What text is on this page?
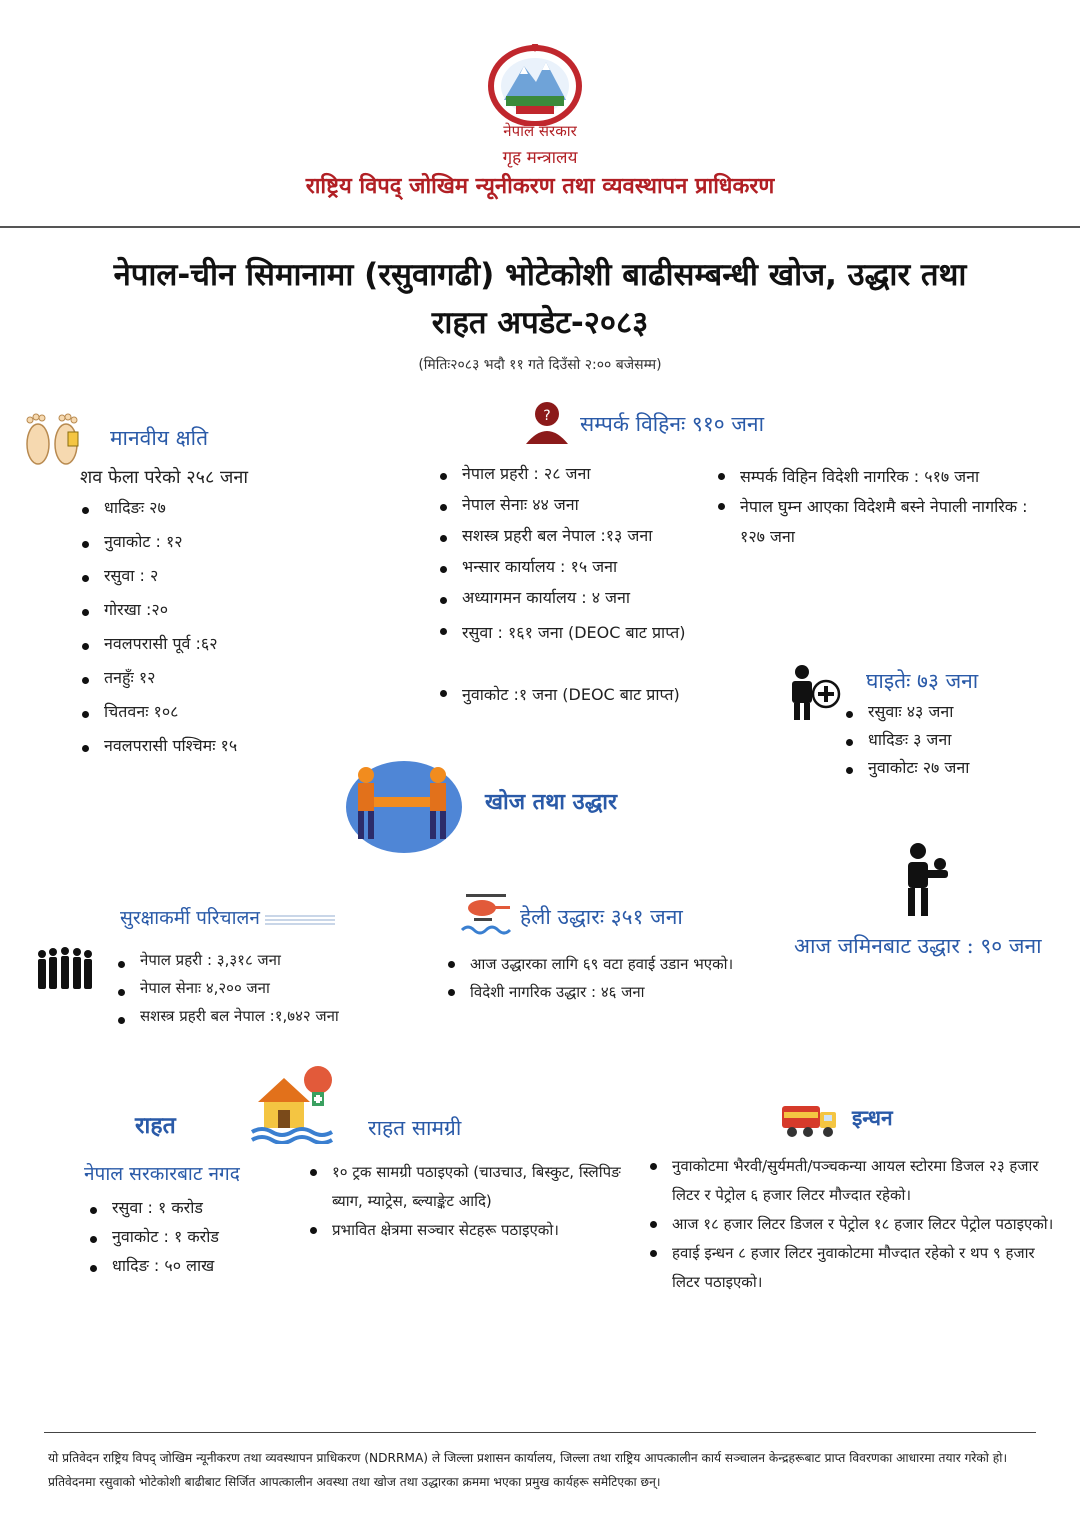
नेपाल सरकार
गृह मन्त्रालय
राष्ट्रिय विपद् जोखिम न्यूनीकरण तथा व्यवस्थापन प्राधिकरण
नेपाल-चीन सिमानामा (रसुवागढी) भोटेकोशी बाढीसम्बन्धी खोज, उद्धार तथा
राहत अपडेट-२०८३
(मितिः२०८३ भदौ ११ गते दिउँसो २:०० बजेसम्म)
मानवीय क्षति
शव फेला परेको २५८ जना
धादिङः २७
नुवाकोट : १२
रसुवा : २
गोरखा :२०
नवलपरासी पूर्व :६२
तनहुँः १२
चितवनः १०८
नवलपरासी पश्चिमः १५
? सम्पर्क विहिनः ९१० जना
नेपाल प्रहरी : २८ जना
नेपाल सेनाः ४४ जना
सशस्त्र प्रहरी बल नेपाल :१३ जना
भन्सार कार्यालय : १५ जना
अध्यागमन कार्यालय : ४ जना
रसुवा : १६१ जना (DEOC बाट प्राप्त)
नुवाकोट :१ जना (DEOC बाट प्राप्त)
सम्पर्क विहिन विदेशी नागरिक : ५१७ जना
नेपाल घुम्न आएका विदेशमै बस्ने नेपाली नागरिक : १२७ जना
घाइतेः ७३ जना
रसुवाः ४३ जना
धादिङः ३ जना
नुवाकोटः २७ जना
खोज तथा उद्धार
आज जमिनबाट उद्धार : ९० जना
सुरक्षाकर्मी परिचालन
नेपाल प्रहरी : ३,३१८ जना
नेपाल सेनाः ४,२०० जना
सशस्त्र प्रहरी बल नेपाल :१,७४२ जना
हेली उद्धारः ३५१ जना
आज उद्धारका लागि ६९ वटा हवाई उडान भएको।
विदेशी नागरिक उद्धार : ४६ जना
राहत	राहत सामग्री
नेपाल सरकारबाट नगद
रसुवा : १ करोड
नुवाकोट : १ करोड
धादिङ : ५० लाख
१० ट्रक सामग्री पठाइएको (चाउचाउ, बिस्कुट, स्लिपिङ ब्याग, म्याट्रेस, ब्ल्याङ्केट आदि)
प्रभावित क्षेत्रमा सञ्चार सेटहरू पठाइएको।
इन्धन
नुवाकोटमा भैरवी/सुर्यमती/पञ्चकन्या आयल स्टोरमा डिजल २३ हजार लिटर र पेट्रोल ६ हजार लिटर मौज्दात रहेको।
आज १८ हजार लिटर डिजल र पेट्रोल १८ हजार लिटर पेट्रोल पठाइएको।
हवाई इन्धन ८ हजार लिटर नुवाकोटमा मौज्दात रहेको र थप ९ हजार लिटर पठाइएको।
यो प्रतिवेदन राष्ट्रिय विपद् जोखिम न्यूनीकरण तथा व्यवस्थापन प्राधिकरण (NDRRMA) ले जिल्ला प्रशासन कार्यालय, जिल्ला तथा राष्ट्रिय आपत्कालीन कार्य सञ्चालन केन्द्रहरूबाट प्राप्त विवरणका आधारमा तयार गरेको हो। प्रतिवेदनमा रसुवाको भोटेकोशी बाढीबाट सिर्जित आपत्कालीन अवस्था तथा खोज तथा उद्धारका क्रममा भएका प्रमुख कार्यहरू समेटिएका छन्।
